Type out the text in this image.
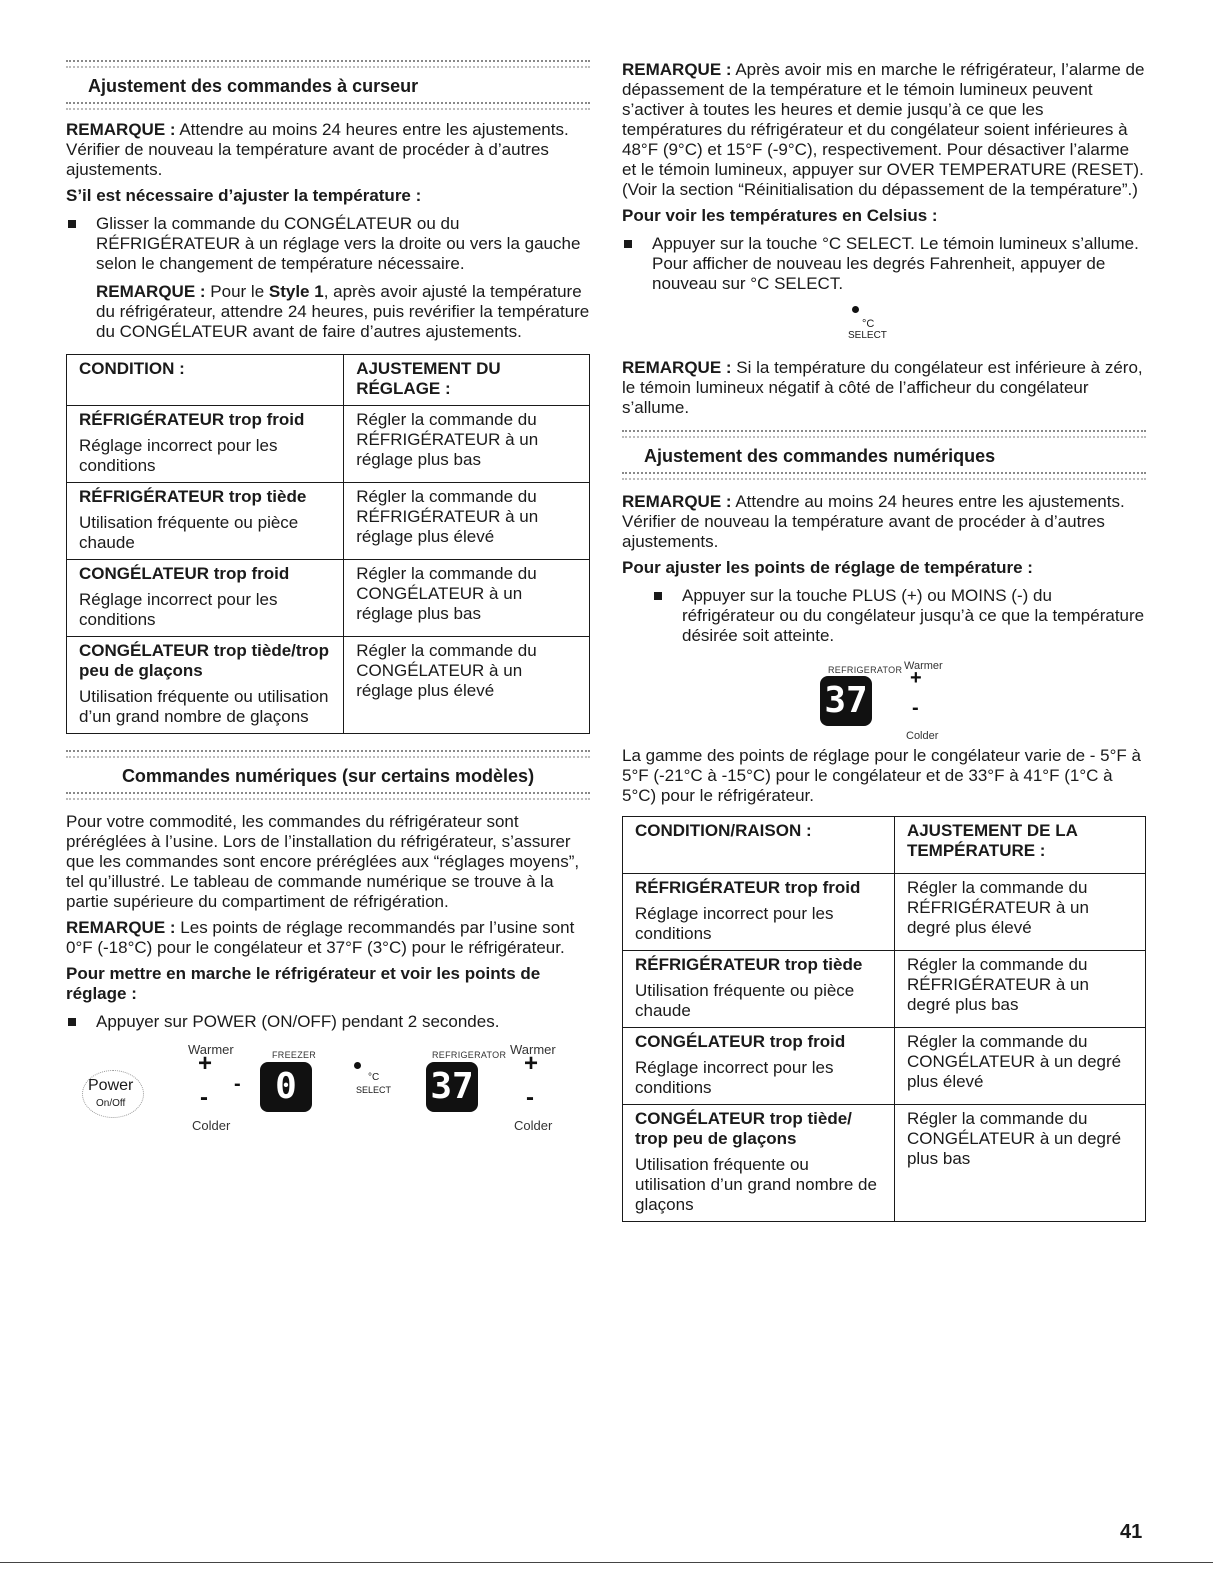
Ajustement des commandes à curseur

REMARQUE : Attendre au moins 24 heures entre les ajustements. Vérifier de nouveau la température avant de procéder à d’autres ajustements.

S’il est nécessaire d’ajuster la température :
Glisser la commande du CONGÉLATEUR ou du RÉFRIGÉRATEUR à un réglage vers la droite ou vers la gauche selon le changement de température nécessaire.

REMARQUE : Pour le Style 1, après avoir ajusté la température du réfrigérateur, attendre 24 heures, puis revérifier la température du CONGÉLATEUR avant de faire d’autres ajustements.

CONDITION :	AJUSTEMENT DU RÉGLAGE :

RÉFRIGÉRATEUR trop froid
Réglage incorrect pour les conditions	Régler la commande du RÉFRIGÉRATEUR à un réglage plus bas

RÉFRIGÉRATEUR trop tiède
Utilisation fréquente ou pièce chaude	Régler la commande du RÉFRIGÉRATEUR à un réglage plus élevé

CONGÉLATEUR trop froid
Réglage incorrect pour les conditions	Régler la commande du CONGÉLATEUR à un réglage plus bas

CONGÉLATEUR trop tiède/trop peu de glaçons
Utilisation fréquente ou utilisation d’un grand nombre de glaçons	Régler la commande du CONGÉLATEUR à un réglage plus élevé
Commandes numériques (sur certains modèles)

Pour votre commodité, les commandes du réfrigérateur sont préréglées à l’usine. Lors de l’installation du réfrigérateur, s’assurer que les commandes sont encore préréglées aux “réglages moyens”, tel qu’illustré. Le tableau de commande numérique se trouve à la partie supérieure du compartiment de réfrigération.

REMARQUE : Les points de réglage recommandés par l’usine sont 0°F (-18°C) pour le congélateur et 37°F (3°C) pour le réfrigérateur.

Pour mettre en marche le réfrigérateur et voir les points de réglage :
Appuyer sur POWER (ON/OFF) pendant 2 secondes.
Warmer	FREEZER	REFRIGERATOR Warmer
Power
On/Off
+
-
-	0	°C
SELECT 37
+
-
Colder	Colder

REMARQUE : Après avoir mis en marche le réfrigérateur, l’alarme de dépassement de la température et le témoin lumineux peuvent s’activer à toutes les heures et demie jusqu’à ce que les températures du réfrigérateur et du congélateur soient inférieures à 48°F (9°C) et 15°F (-9°C), respectivement. Pour désactiver l’alarme et le témoin lumineux, appuyer sur OVER TEMPERATURE (RESET). (Voir la section “Réinitialisation du dépassement de la température”.)

Pour voir les températures en Celsius :
Appuyer sur la touche °C SELECT. Le témoin lumineux s’allume. Pour afficher de nouveau les degrés Fahrenheit, appuyer de nouveau sur °C SELECT.
°C
SELECT

REMARQUE : Si la température du congélateur est inférieure à zéro, le témoin lumineux négatif à côté de l’afficheur du congélateur s’allume.

Ajustement des commandes numériques

REMARQUE : Attendre au moins 24 heures entre les ajustements. Vérifier de nouveau la température avant de procéder à d’autres ajustements.

Pour ajuster les points de réglage de température :
Appuyer sur la touche PLUS (+) ou MOINS (-) du réfrigérateur ou du congélateur jusqu’à ce que la température désirée soit atteinte.
REFRIGERATOR Warmer
37
+
-
Colder

La gamme des points de réglage pour le congélateur varie de - 5°F à 5°F (-21°C à -15°C) pour le congélateur et de 33°F à 41°F (1°C à 5°C) pour le réfrigérateur.

CONDITION/RAISON :	AJUSTEMENT DE LA TEMPÉRATURE :

RÉFRIGÉRATEUR trop froid
Réglage incorrect pour les conditions	Régler la commande du RÉFRIGÉRATEUR à un degré plus élevé

RÉFRIGÉRATEUR trop tiède
Utilisation fréquente ou pièce chaude	Régler la commande du RÉFRIGÉRATEUR à un degré plus bas

CONGÉLATEUR trop froid
Réglage incorrect pour les conditions	Régler la commande du CONGÉLATEUR à un degré plus élevé

CONGÉLATEUR trop tiède/ trop peu de glaçons
Utilisation fréquente ou utilisation d’un grand nombre de glaçons	Régler la commande du CONGÉLATEUR à un degré plus bas
41
